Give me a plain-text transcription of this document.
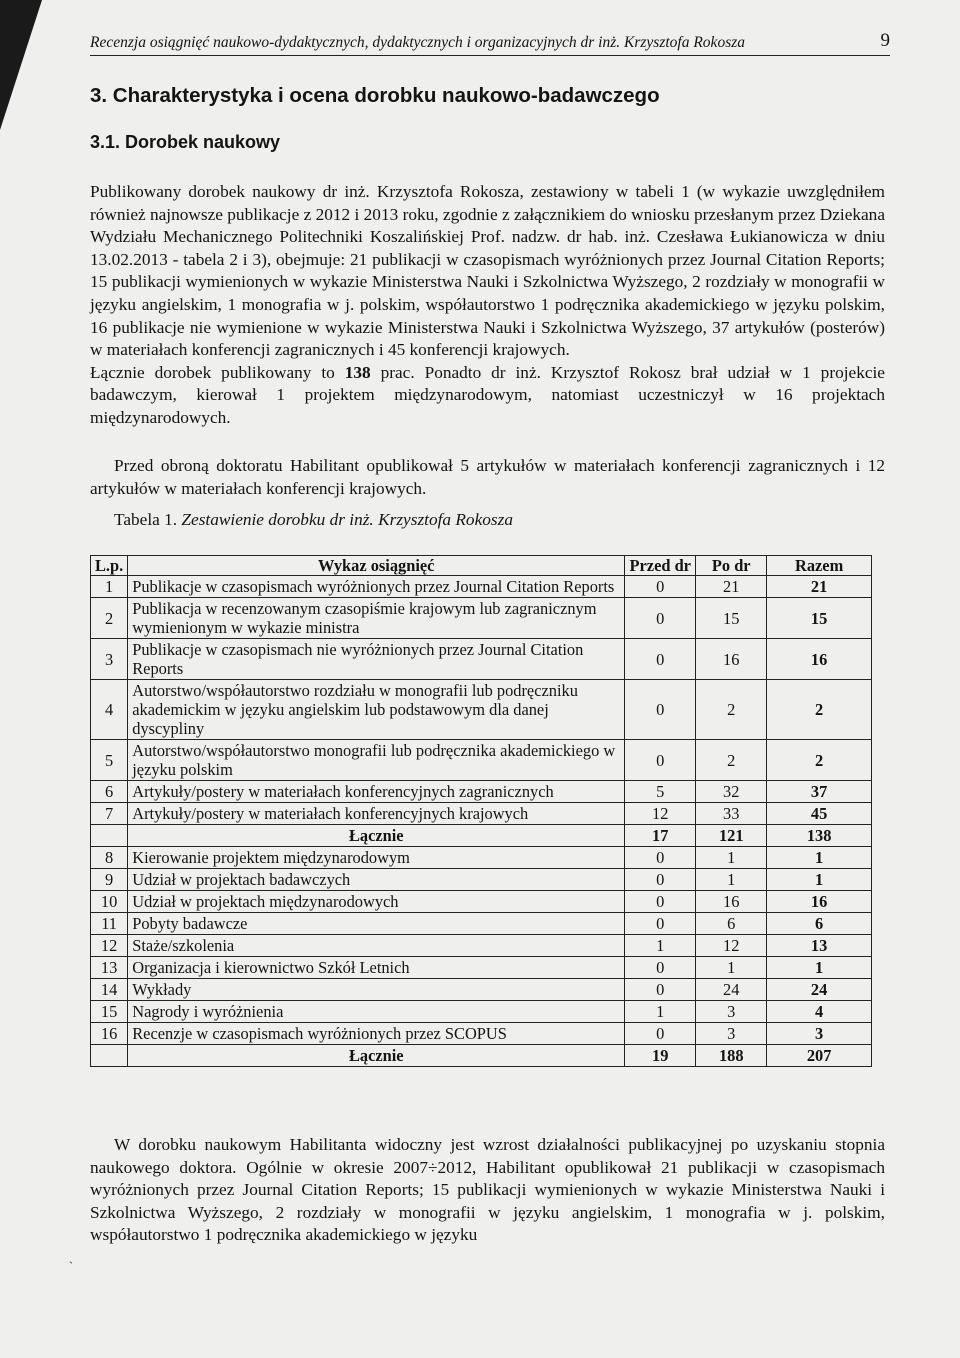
Recenzja osiągnięć naukowo-dydaktycznych, dydaktycznych i organizacyjnych dr inż. Krzysztofa Rokosza	9
3. Charakterystyka i ocena dorobku naukowo-badawczego
3.1. Dorobek naukowy

Publikowany dorobek naukowy dr inż. Krzysztofa Rokosza, zestawiony w tabeli 1 (w wykazie uwzględniłem również najnowsze publikacje z 2012 i 2013 roku, zgodnie z załącznikiem do wniosku przesłanym przez Dziekana Wydziału Mechanicznego Politechniki Koszalińskiej Prof. nadzw. dr hab. inż. Czesława Łukianowicza w dniu 13.02.2013 - tabela 2 i 3), obejmuje: 21 publikacji w czasopismach wyróżnionych przez Journal Citation Reports; 15 publikacji wymienionych w wykazie Ministerstwa Nauki i Szkolnictwa Wyższego, 2 rozdziały w monografii w języku angielskim, 1 monografia w j. polskim, współautorstwo 1 podręcznika akademickiego w języku polskim, 16 publikacje nie wymienione w wykazie Ministerstwa Nauki i Szkolnictwa Wyższego, 37 artykułów (posterów) w materiałach konferencji zagranicznych i 45 konferencji krajowych.
Łącznie dorobek publikowany to 138 prac. Ponadto dr inż. Krzysztof Rokosz brał udział w 1 projekcie badawczym, kierował 1 projektem międzynarodowym, natomiast uczestniczył w 16 projektach międzynarodowych.

Przed obroną doktoratu Habilitant opublikował 5 artykułów w materiałach konferencji zagranicznych i 12 artykułów w materiałach konferencji krajowych.

Tabela 1. Zestawienie dorobku dr inż. Krzysztofa Rokosza

L.p.	Wykaz osiągnięć	Przed dr	Po dr	Razem
1	Publikacje w czasopismach wyróżnionych przez Journal Citation Reports	0	21	21
2	Publikacja w recenzowanym czasopiśmie krajowym lub zagranicznym wymienionym w wykazie ministra	0	15	15
3	Publikacje w czasopismach nie wyróżnionych przez Journal Citation Reports	0	16	16
4	Autorstwo/współautorstwo rozdziału w monografii lub podręczniku akademickim w języku angielskim lub podstawowym dla danej dyscypliny	0	2	2
5	Autorstwo/współautorstwo monografii lub podręcznika akademickiego w języku polskim	0	2	2
6	Artykuły/postery w materiałach konferencyjnych zagranicznych	5	32	37
7	Artykuły/postery w materiałach konferencyjnych krajowych	12	33	45
	Łącznie	17	121	138
8	Kierowanie projektem międzynarodowym	0	1	1
9	Udział w projektach badawczych	0	1	1
10	Udział w projektach międzynarodowych	0	16	16
11	Pobyty badawcze	0	6	6
12	Staże/szkolenia	1	12	13
13	Organizacja i kierownictwo Szkół Letnich	0	1	1
14	Wykłady	0	24	24
15	Nagrody i wyróżnienia	1	3	4
16	Recenzje w czasopismach wyróżnionych przez SCOPUS	0	3	3
	Łącznie	19	188	207

W dorobku naukowym Habilitanta widoczny jest wzrost działalności publikacyjnej po uzyskaniu stopnia naukowego doktora. Ogólnie w okresie 2007÷2012, Habilitant opublikował 21 publikacji w czasopismach wyróżnionych przez Journal Citation Reports; 15 publikacji wymienionych w wykazie Ministerstwa Nauki i Szkolnictwa Wyższego, 2 rozdziały w monografii w języku angielskim, 1 monografia w j. polskim, współautorstwo 1 podręcznika akademickiego w języku

`
